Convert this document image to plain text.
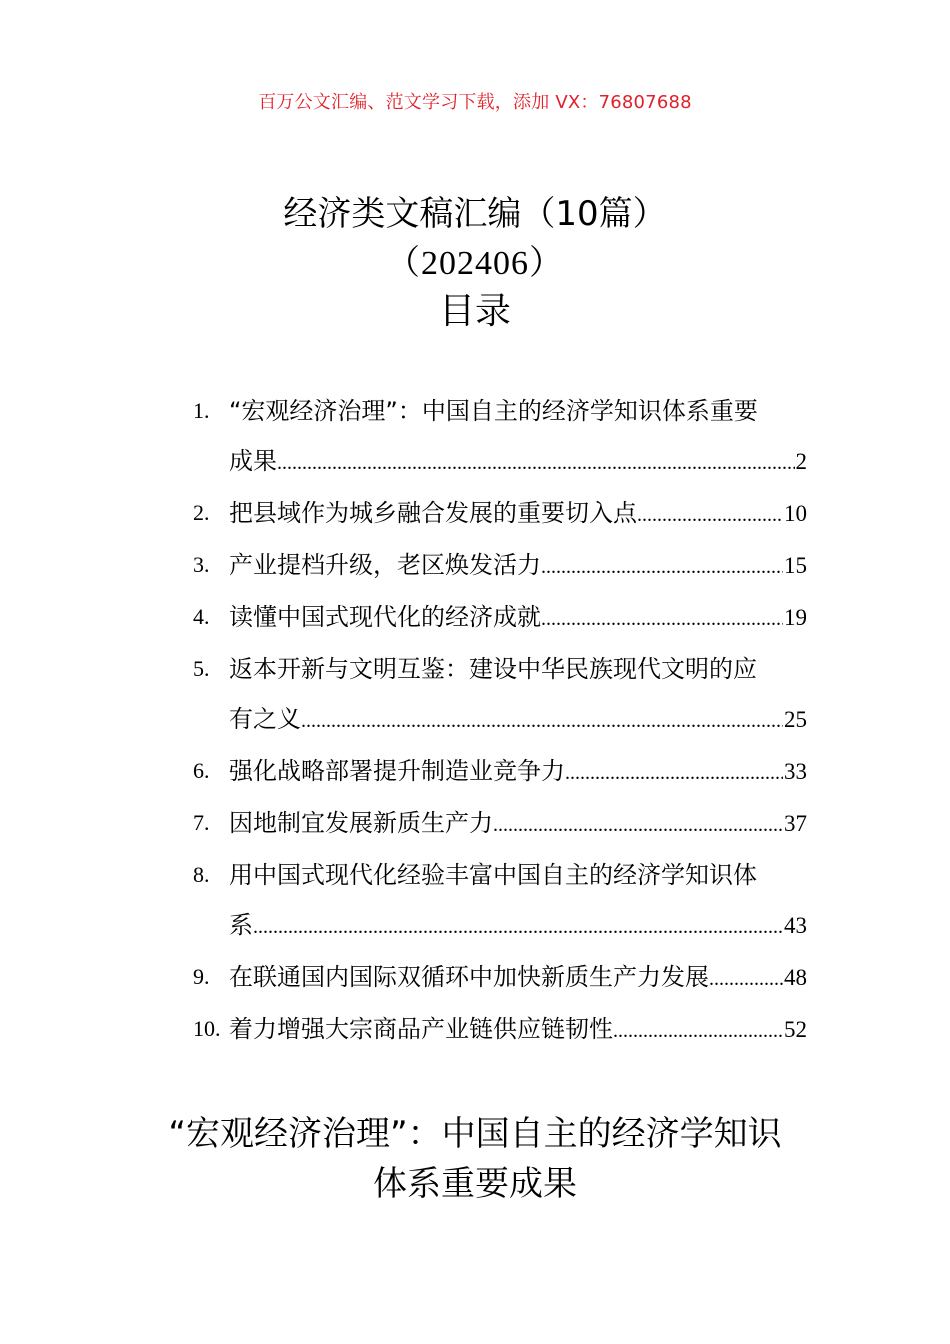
百万公文汇编、范文学习下载，添加 VX：76807688
经济类文稿汇编（10篇）
（202406）
目录
1. “宏观经济治理”：中国自主的经济学知识体系重要
成果 .....	2
2. 把县域作为城乡融合发展的重要切入点 .....	10
3. 产业提档升级，老区焕发活力 .....	15
4. 读懂中国式现代化的经济成就 .....	19
5. 返本开新与文明互鉴：建设中华民族现代文明的应
有之义 .....	25
6. 强化战略部署提升制造业竞争力 .....	33
7. 因地制宜发展新质生产力 .....	37
8. 用中国式现代化经验丰富中国自主的经济学知识体
系 .....	43
9. 在联通国内国际双循环中加快新质生产力发展 .....	48
10. 着力增强大宗商品产业链供应链韧性 .....	52
“宏观经济治理”：中国自主的经济学知识
体系重要成果
